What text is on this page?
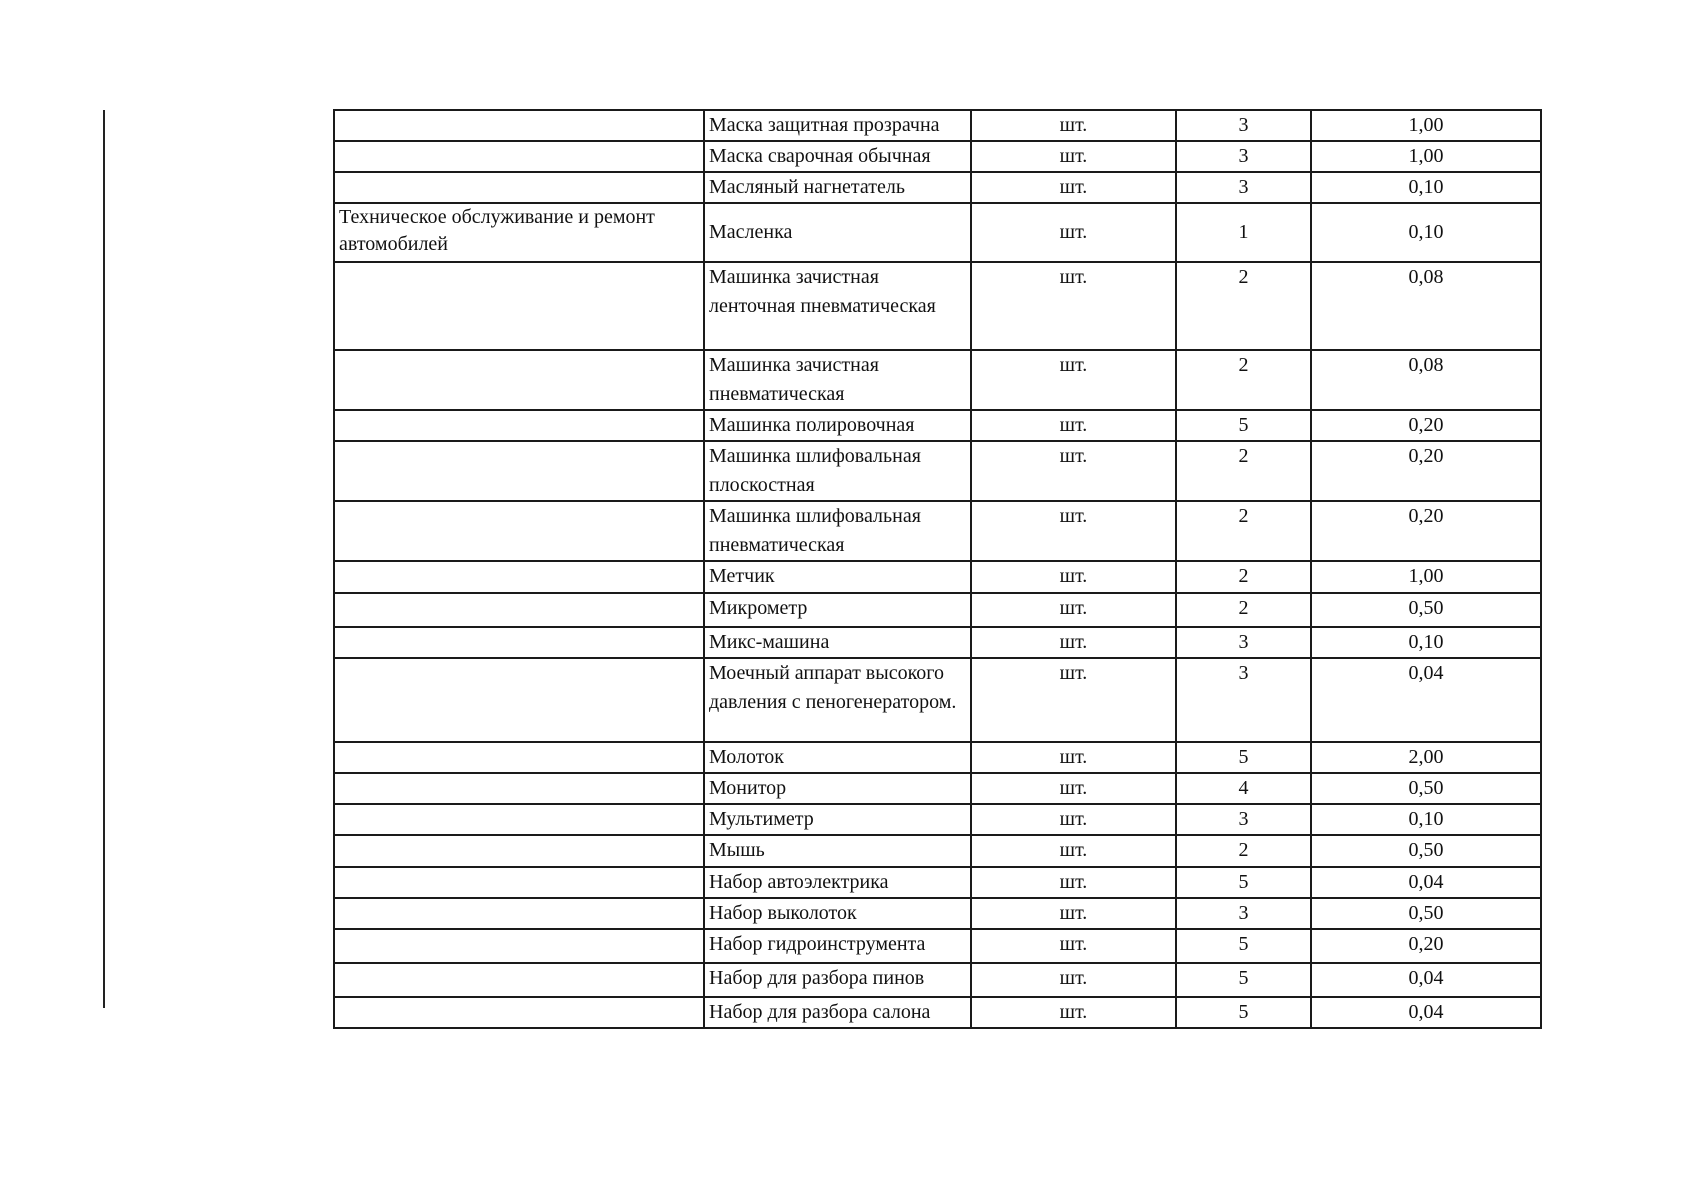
	Маска защитная прозрачна	шт.	3	1,00
	Маска сварочная обычная	шт.	3	1,00
	Масляный нагнетатель	шт.	3	0,10
Техническое обслуживание и ремонт автомобилей	Масленка	шт.	1	0,10
	Машинка зачистная ленточная пневматическая	шт.	2	0,08
	Машинка зачистная пневматическая	шт.	2	0,08
	Машинка полировочная	шт.	5	0,20
	Машинка шлифовальная плоскостная	шт.	2	0,20
	Машинка шлифовальная пневматическая	шт.	2	0,20
	Метчик	шт.	2	1,00
	Микрометр	шт.	2	0,50
	Микс-машина	шт.	3	0,10
	Моечный аппарат высокого давления с пеногенератором.	шт.	3	0,04
	Молоток	шт.	5	2,00
	Монитор	шт.	4	0,50
	Мультиметр	шт.	3	0,10
	Мышь	шт.	2	0,50
	Набор автоэлектрика	шт.	5	0,04
	Набор выколоток	шт.	3	0,50
	Набор гидроинструмента	шт.	5	0,20
	Набор для разбора пинов	шт.	5	0,04
	Набор для разбора салона	шт.	5	0,04
